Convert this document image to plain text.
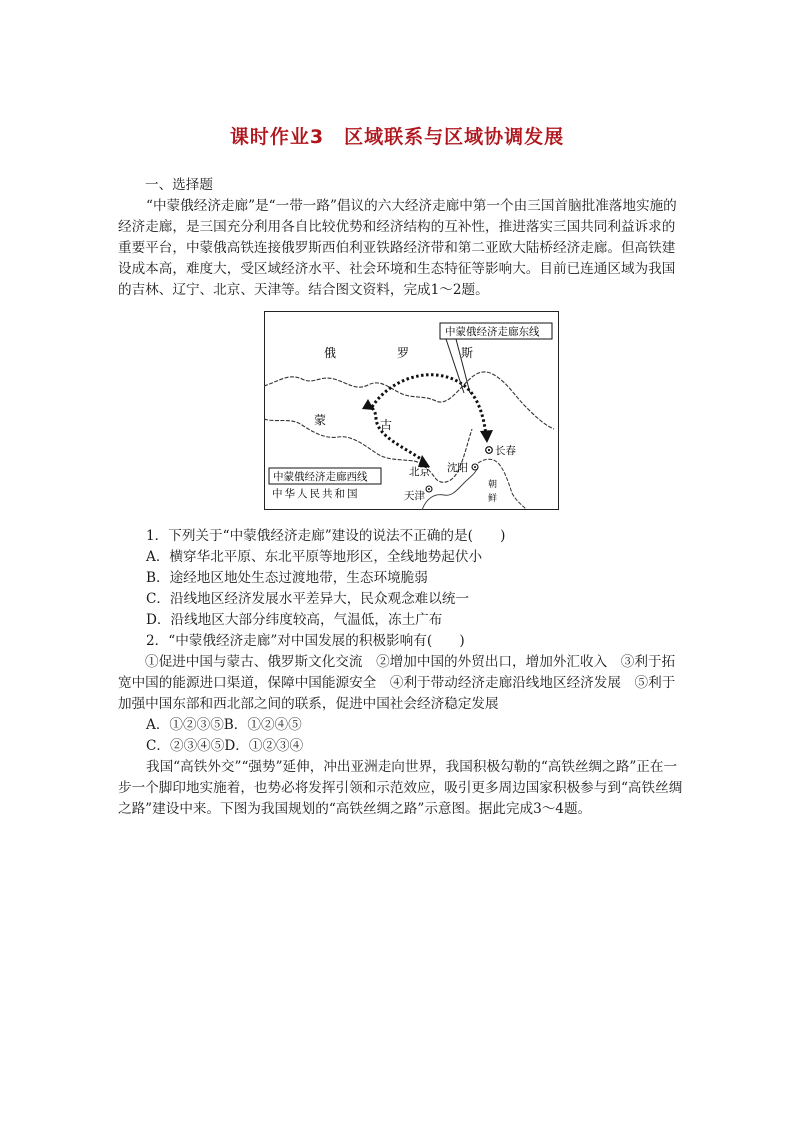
课时作业3　区域联系与区域协调发展

一、选择题

“中蒙俄经济走廊”是“一带一路”倡议的六大经济走廊中第一个由三国首脑批准落地实施的经济走廊，是三国充分利用各自比较优势和经济结构的互补性，推进落实三国共同利益诉求的重要平台，中蒙俄高铁连接俄罗斯西伯利亚铁路经济带和第二亚欧大陆桥经济走廊。但高铁建设成本高，难度大，受区域经济水平、社会环境和生态特征等影响大。目前已连通区域为我国的吉林、辽宁、北京、天津等。结合图文资料，完成1～2题。

俄	罗	斯
蒙	古
中蒙俄经济走廊东线
中蒙俄经济走廊西线	北京 沈阳
长春
天津
中华人民共和国
朝
鲜
1．下列关于“中蒙俄经济走廊”建设的说法不正确的是(　　)
A．横穿华北平原、东北平原等地形区，全线地势起伏小
B．途经地区地处生态过渡地带，生态环境脆弱
C．沿线地区经济发展水平差异大，民众观念难以统一
D．沿线地区大部分纬度较高，气温低，冻土广布
2．“中蒙俄经济走廊”对中国发展的积极影响有(　　)

①促进中国与蒙古、俄罗斯文化交流　②增加中国的外贸出口，增加外汇收入　③利于拓宽中国的能源进口渠道，保障中国能源安全　④利于带动经济走廊沿线地区经济发展　⑤利于加强中国东部和西北部之间的联系，促进中国社会经济稳定发展

A．①②③⑤B．①②④⑤
C．②③④⑤D．①②③④

我国“高铁外交”“强势”延伸，冲出亚洲走向世界，我国积极勾勒的“高铁丝绸之路”正在一步一个脚印地实施着，也势必将发挥引领和示范效应，吸引更多周边国家积极参与到“高铁丝绸之路”建设中来。下图为我国规划的“高铁丝绸之路”示意图。据此完成3～4题。
